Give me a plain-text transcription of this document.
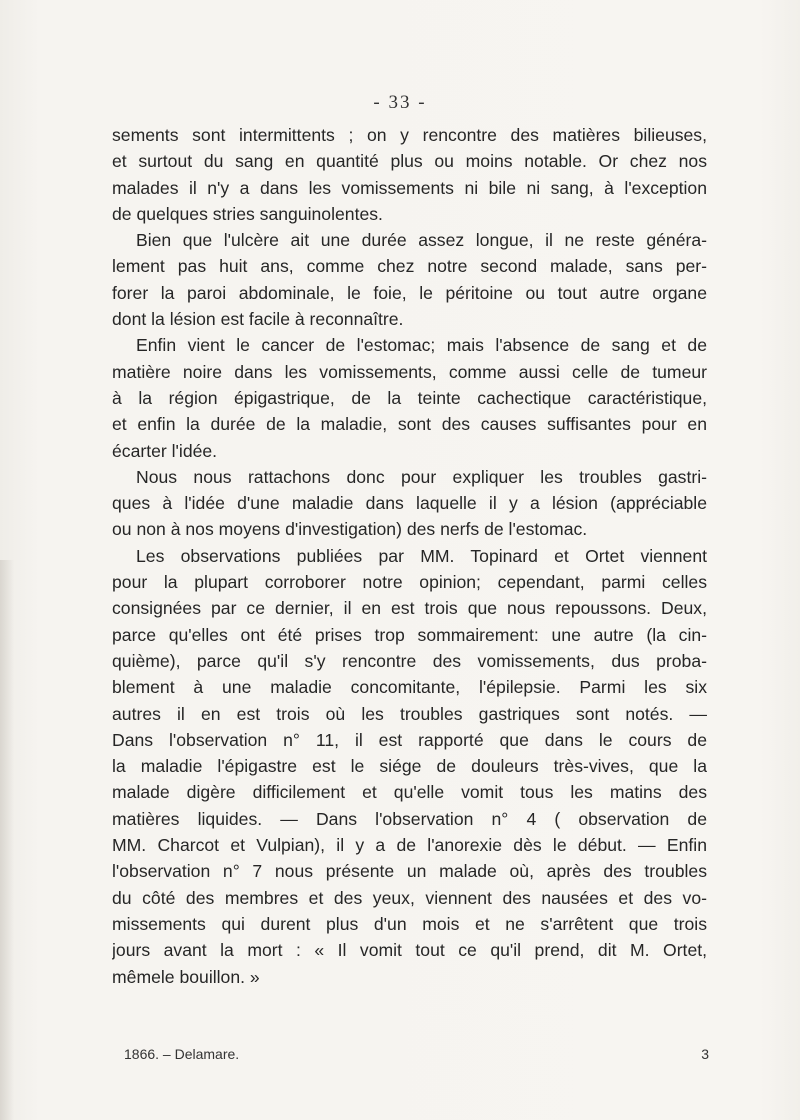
- 33 -
sements sont intermittents ; on y rencontre des matières bilieuses,
et surtout du sang en quantité plus ou moins notable. Or chez nos
malades il n'y a dans les vomissements ni bile ni sang, à l'exception
de quelques stries sanguinolentes.
Bien que l'ulcère ait une durée assez longue, il ne reste généra-
lement pas huit ans, comme chez notre second malade, sans per-
forer la paroi abdominale, le foie, le péritoine ou tout autre organe
dont la lésion est facile à reconnaître.
Enfin vient le cancer de l'estomac; mais l'absence de sang et de
matière noire dans les vomissements, comme aussi celle de tumeur
à la région épigastrique, de la teinte cachectique caractéristique,
et enfin la durée de la maladie, sont des causes suffisantes pour en
écarter l'idée.
Nous nous rattachons donc pour expliquer les troubles gastri-
ques à l'idée d'une maladie dans laquelle il y a lésion (appréciable
ou non à nos moyens d'investigation) des nerfs de l'estomac.
Les observations publiées par MM. Topinard et Ortet viennent
pour la plupart corroborer notre opinion; cependant, parmi celles
consignées par ce dernier, il en est trois que nous repoussons. Deux,
parce qu'elles ont été prises trop sommairement: une autre (la cin-
quième), parce qu'il s'y rencontre des vomissements, dus proba-
blement à une maladie concomitante, l'épilepsie. Parmi les six
autres il en est trois où les troubles gastriques sont notés. —
Dans l'observation n° 11, il est rapporté que dans le cours de
la maladie l'épigastre est le siége de douleurs très-vives, que la
malade digère difficilement et qu'elle vomit tous les matins des
matières liquides. — Dans l'observation n° 4 ( observation de
MM. Charcot et Vulpian), il y a de l'anorexie dès le début. — Enfin
l'observation n° 7 nous présente un malade où, après des troubles
du côté des membres et des yeux, viennent des nausées et des vo-
missements qui durent plus d'un mois et ne s'arrêtent que trois
jours avant la mort : « Il vomit tout ce qu'il prend, dit M. Ortet,
mêmele bouillon. »
1866. – Delamare.	3
